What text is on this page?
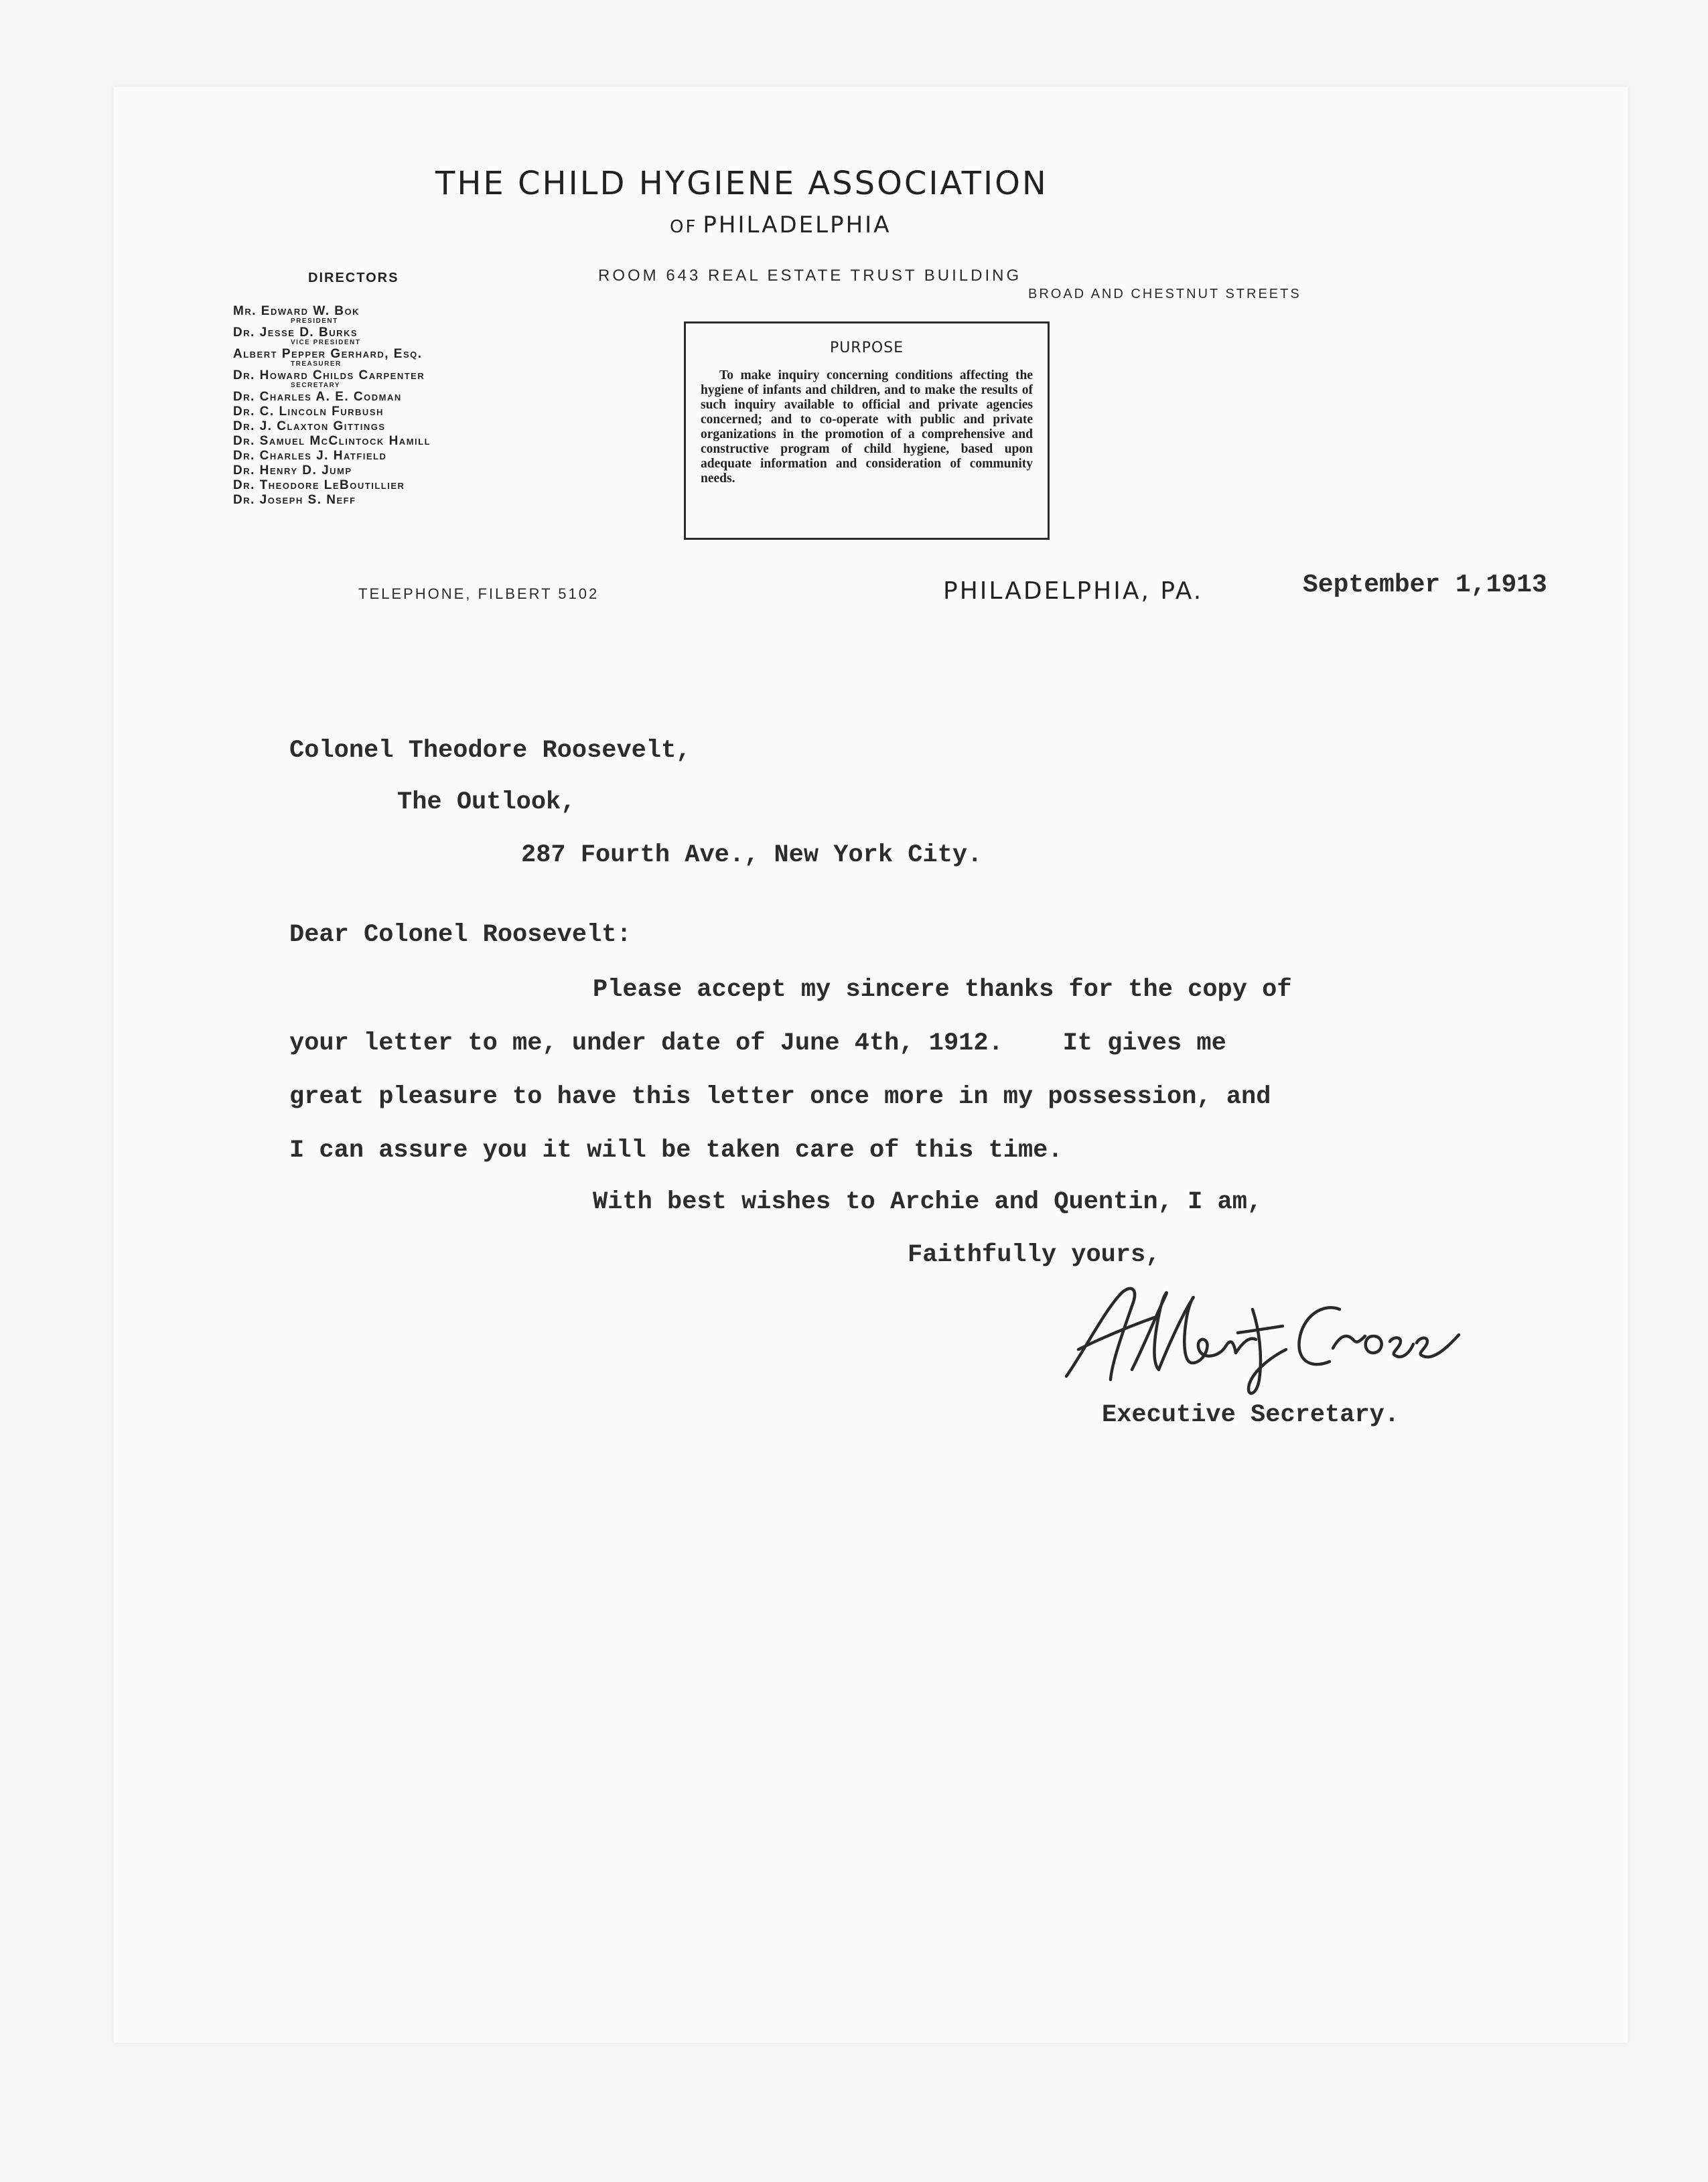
THE CHILD HYGIENE ASSOCIATION
OF PHILADELPHIA
ROOM 643 REAL ESTATE TRUST BUILDING
BROAD AND CHESTNUT STREETS
DIRECTORS
Mr. Edward W. Bok
PRESIDENT
Dr. Jesse D. Burks
VICE PRESIDENT
Albert Pepper Gerhard, Esq.
TREASURER
Dr. Howard Childs Carpenter
SECRETARY
Dr. Charles A. E. Codman
Dr. C. Lincoln Furbush
Dr. J. Claxton Gittings
Dr. Samuel McClintock Hamill
Dr. Charles J. Hatfield
Dr. Henry D. Jump
Dr. Theodore LeBoutillier
Dr. Joseph S. Neff
PURPOSE
To make inquiry concerning conditions affecting the hygiene of infants and children, and to make the results of such inquiry available to official and private agencies concerned; and to co-operate with public and private organizations in the promotion of a comprehensive and constructive program of child hygiene, based upon adequate information and consideration of community needs.
TELEPHONE, FILBERT 5102	PHILADELPHIA, PA.	September 1,1913
Colonel Theodore Roosevelt,
The Outlook,
287 Fourth Ave., New York City.
Dear Colonel Roosevelt:
Please accept my sincere thanks for the copy of
your letter to me, under date of June 4th, 1912.    It gives me
great pleasure to have this letter once more in my possession, and
I can assure you it will be taken care of this time.
With best wishes to Archie and Quentin, I am,
Faithfully yours,
Executive Secretary.
